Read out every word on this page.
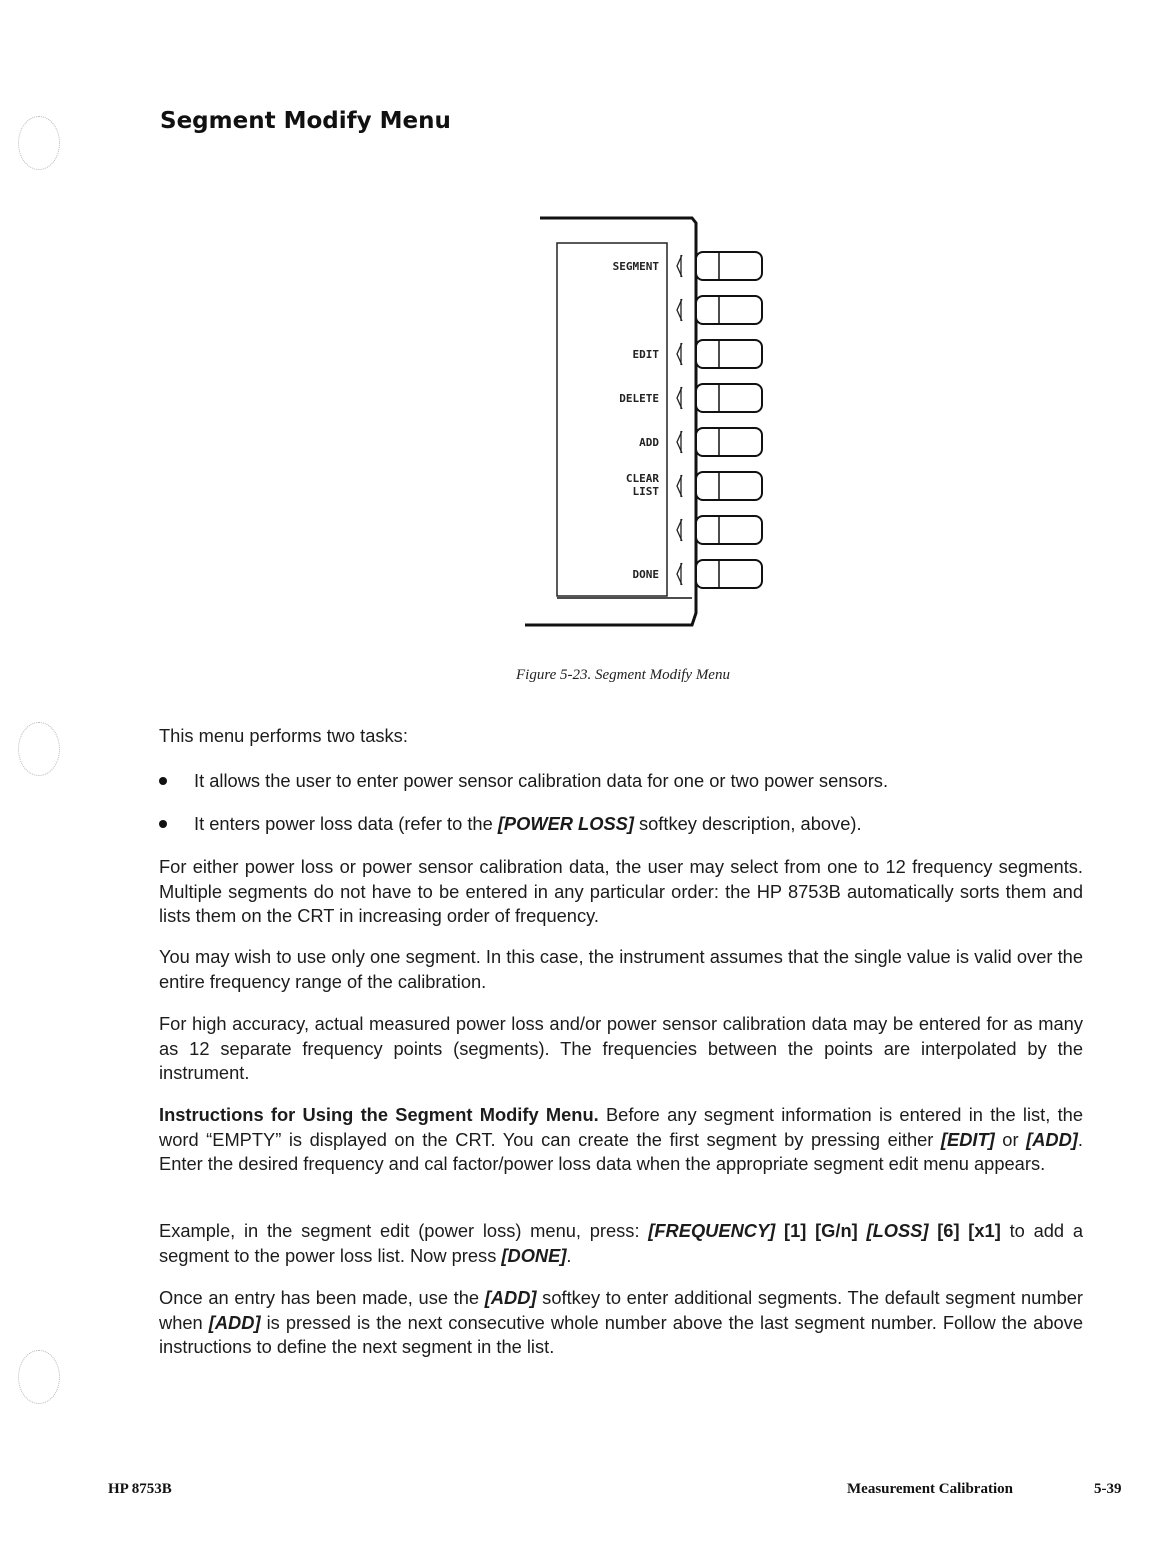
Segment Modify Menu
SEGMENT
EDIT
DELETE
ADD
CLEAR
LIST
DONE
Figure 5-23. Segment Modify Menu
This menu performs two tasks:
It allows the user to enter power sensor calibration data for one or two power sensors.
It enters power loss data (refer to the [POWER LOSS] softkey description, above).
For either power loss or power sensor calibration data, the user may select from one to 12 frequency segments. Multiple segments do not have to be entered in any particular order: the HP 8753B automatically sorts them and lists them on the CRT in increasing order of frequency.
You may wish to use only one segment. In this case, the instrument assumes that the single value is valid over the entire frequency range of the calibration.
For high accuracy, actual measured power loss and/or power sensor calibration data may be entered for as many as 12 separate frequency points (segments). The frequencies between the points are interpolated by the instrument.
Instructions for Using the Segment Modify Menu. Before any segment information is entered in the list, the word “EMPTY” is displayed on the CRT. You can create the first segment by pressing either [EDIT] or [ADD]. Enter the desired frequency and cal factor/power loss data when the appropriate segment edit menu appears.
Example, in the segment edit (power loss) menu, press: [FREQUENCY] [1] [G/n] [LOSS] [6] [x1] to add a segment to the power loss list. Now press [DONE].
Once an entry has been made, use the [ADD] softkey to enter additional segments. The default segment number when [ADD] is pressed is the next consecutive whole number above the last segment number. Follow the above instructions to define the next segment in the list.
HP 8753B	Measurement Calibration	5-39
